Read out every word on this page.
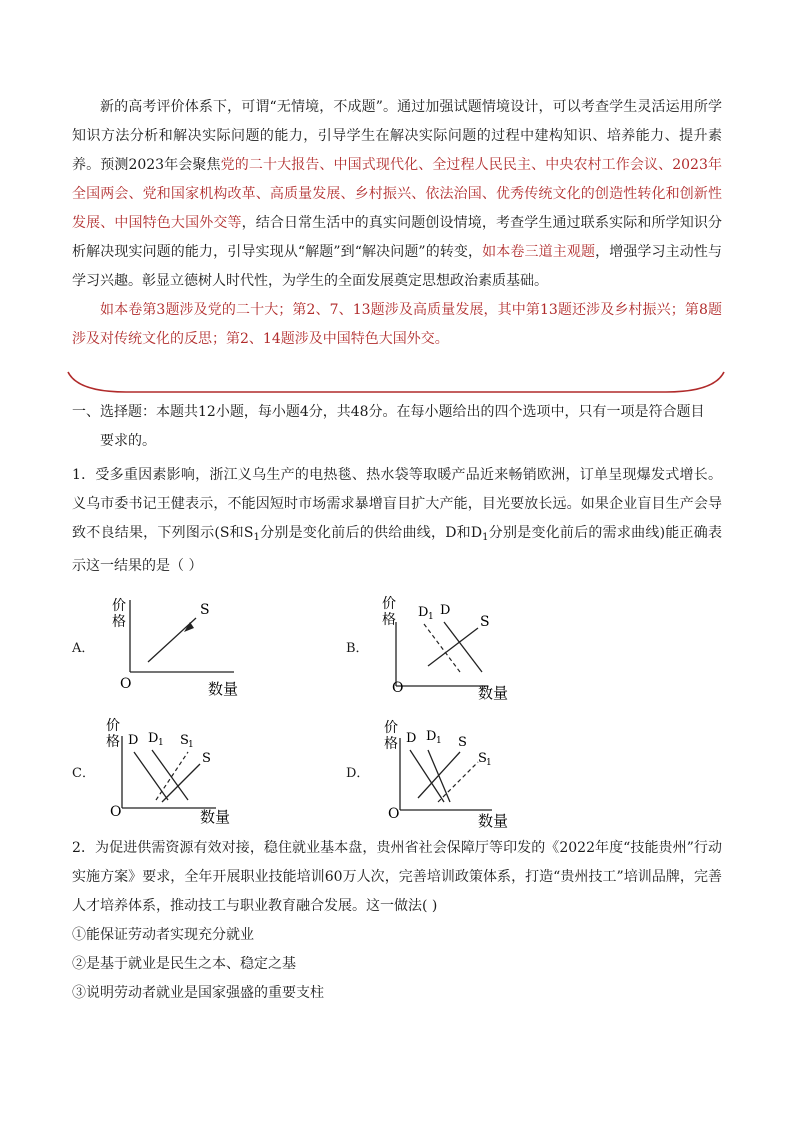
新的高考评价体系下，可谓“无情境，不成题”。通过加强试题情境设计，可以考查学生灵活运用所学知识方法分析和解决实际问题的能力，引导学生在解决实际问题的过程中建构知识、培养能力、提升素养。预测2023年会聚焦党的二十大报告、中国式现代化、全过程人民民主、中央农村工作会议、2023年全国两会、党和国家机构改革、高质量发展、乡村振兴、依法治国、优秀传统文化的创造性转化和创新性发展、中国特色大国外交等，结合日常生活中的真实问题创设情境，考查学生通过联系实际和所学知识分析解决现实问题的能力，引导实现从“解题”到“解决问题”的转变，如本卷三道主观题，增强学习主动性与学习兴趣。彰显立德树人时代性，为学生的全面发展奠定思想政治素质基础。

如本卷第3题涉及党的二十大；第2、7、13题涉及高质量发展，其中第13题还涉及乡村振兴；第8题涉及对传统文化的反思；第2、14题涉及中国特色大国外交。

一、选择题：本题共12小题，每小题4分，共48分。在每小题给出的四个选项中，只有一项是符合题目

要求的。

1．受多重因素影响，浙江义乌生产的电热毯、热水袋等取暖产品近来畅销欧洲，订单呈现爆发式增长。义乌市委书记王健表示，不能因短时市场需求暴增盲目扩大产能，目光要放长远。如果企业盲目生产会导致不良结果，下列图示(S和$S_1$分别是变化前后的供给曲线，D和$D_1$分别是变化前后的需求曲线)能正确表示这一结果的是（ ）

A．
价
格
O	数量
S
B．
价
格
O	数量
D 1 D
S
C．
价
格
O	数量
D D 1 S 1
S
D．
价
格
O	数量
D D 1 S
S 1

2．为促进供需资源有效对接，稳住就业基本盘，贵州省社会保障厅等印发的《2022年度“技能贵州”行动实施方案》要求，全年开展职业技能培训60万人次，完善培训政策体系，打造“贵州技工”培训品牌，完善人才培养体系，推动技工与职业教育融合发展。这一做法( )

①能保证劳动者实现充分就业

②是基于就业是民生之本、稳定之基

③说明劳动者就业是国家强盛的重要支柱
